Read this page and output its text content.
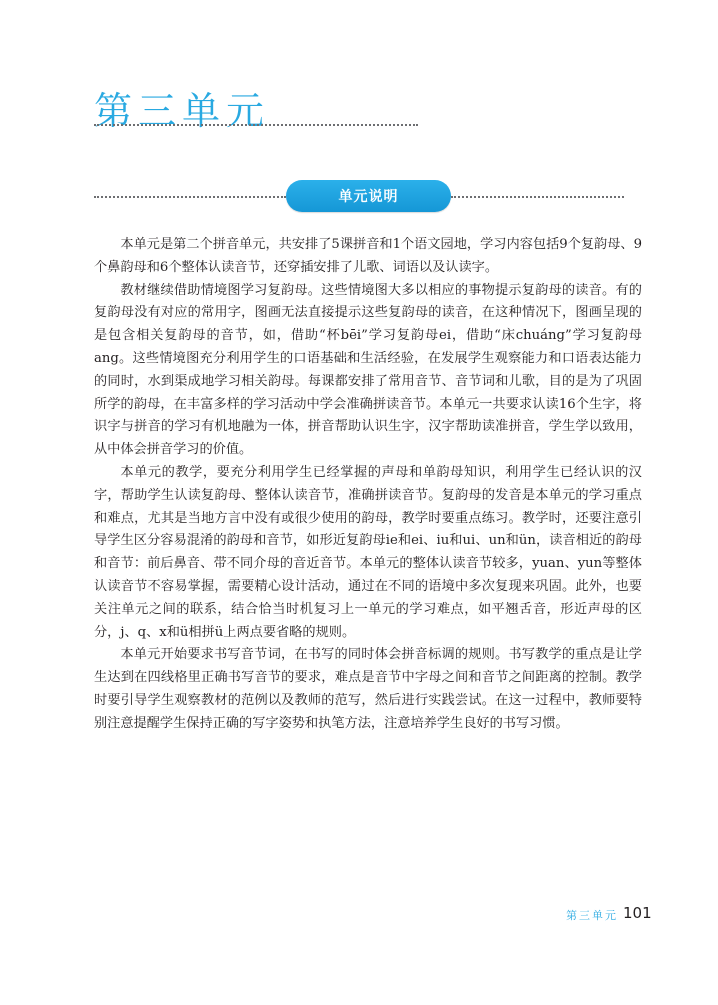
第三单元
单元说明

本单元是第二个拼音单元，共安排了5课拼音和1个语文园地，学习内容包括9个复韵母、9个鼻韵母和6个整体认读音节，还穿插安排了儿歌、词语以及认读字。

教材继续借助情境图学习复韵母。这些情境图大多以相应的事物提示复韵母的读音。有的复韵母没有对应的常用字，图画无法直接提示这些复韵母的读音，在这种情况下，图画呈现的是包含相关复韵母的音节，如，借助“杯bēi”学习复韵母ei，借助“床chuáng”学习复韵母ang。这些情境图充分利用学生的口语基础和生活经验，在发展学生观察能力和口语表达能力的同时，水到渠成地学习相关韵母。每课都安排了常用音节、音节词和儿歌，目的是为了巩固所学的韵母，在丰富多样的学习活动中学会准确拼读音节。本单元一共要求认读16个生字，将识字与拼音的学习有机地融为一体，拼音帮助认识生字，汉字帮助读准拼音，学生学以致用，从中体会拼音学习的价值。

本单元的教学，要充分利用学生已经掌握的声母和单韵母知识，利用学生已经认识的汉字，帮助学生认读复韵母、整体认读音节，准确拼读音节。复韵母的发音是本单元的学习重点和难点，尤其是当地方言中没有或很少使用的韵母，教学时要重点练习。教学时，还要注意引导学生区分容易混淆的韵母和音节，如形近复韵母ie和ei、iu和ui、un和ün，读音相近的韵母和音节：前后鼻音、带不同介母的音近音节。本单元的整体认读音节较多，yuan、yun等整体认读音节不容易掌握，需要精心设计活动，通过在不同的语境中多次复现来巩固。此外，也要关注单元之间的联系，结合恰当时机复习上一单元的学习难点，如平翘舌音，形近声母的区分，j、q、x和ü相拼ü上两点要省略的规则。

本单元开始要求书写音节词，在书写的同时体会拼音标调的规则。书写教学的重点是让学生达到在四线格里正确书写音节的要求，难点是音节中字母之间和音节之间距离的控制。教学时要引导学生观察教材的范例以及教师的范写，然后进行实践尝试。在这一过程中，教师要特别注意提醒学生保持正确的写字姿势和执笔方法，注意培养学生良好的书写习惯。

第三单元 101
